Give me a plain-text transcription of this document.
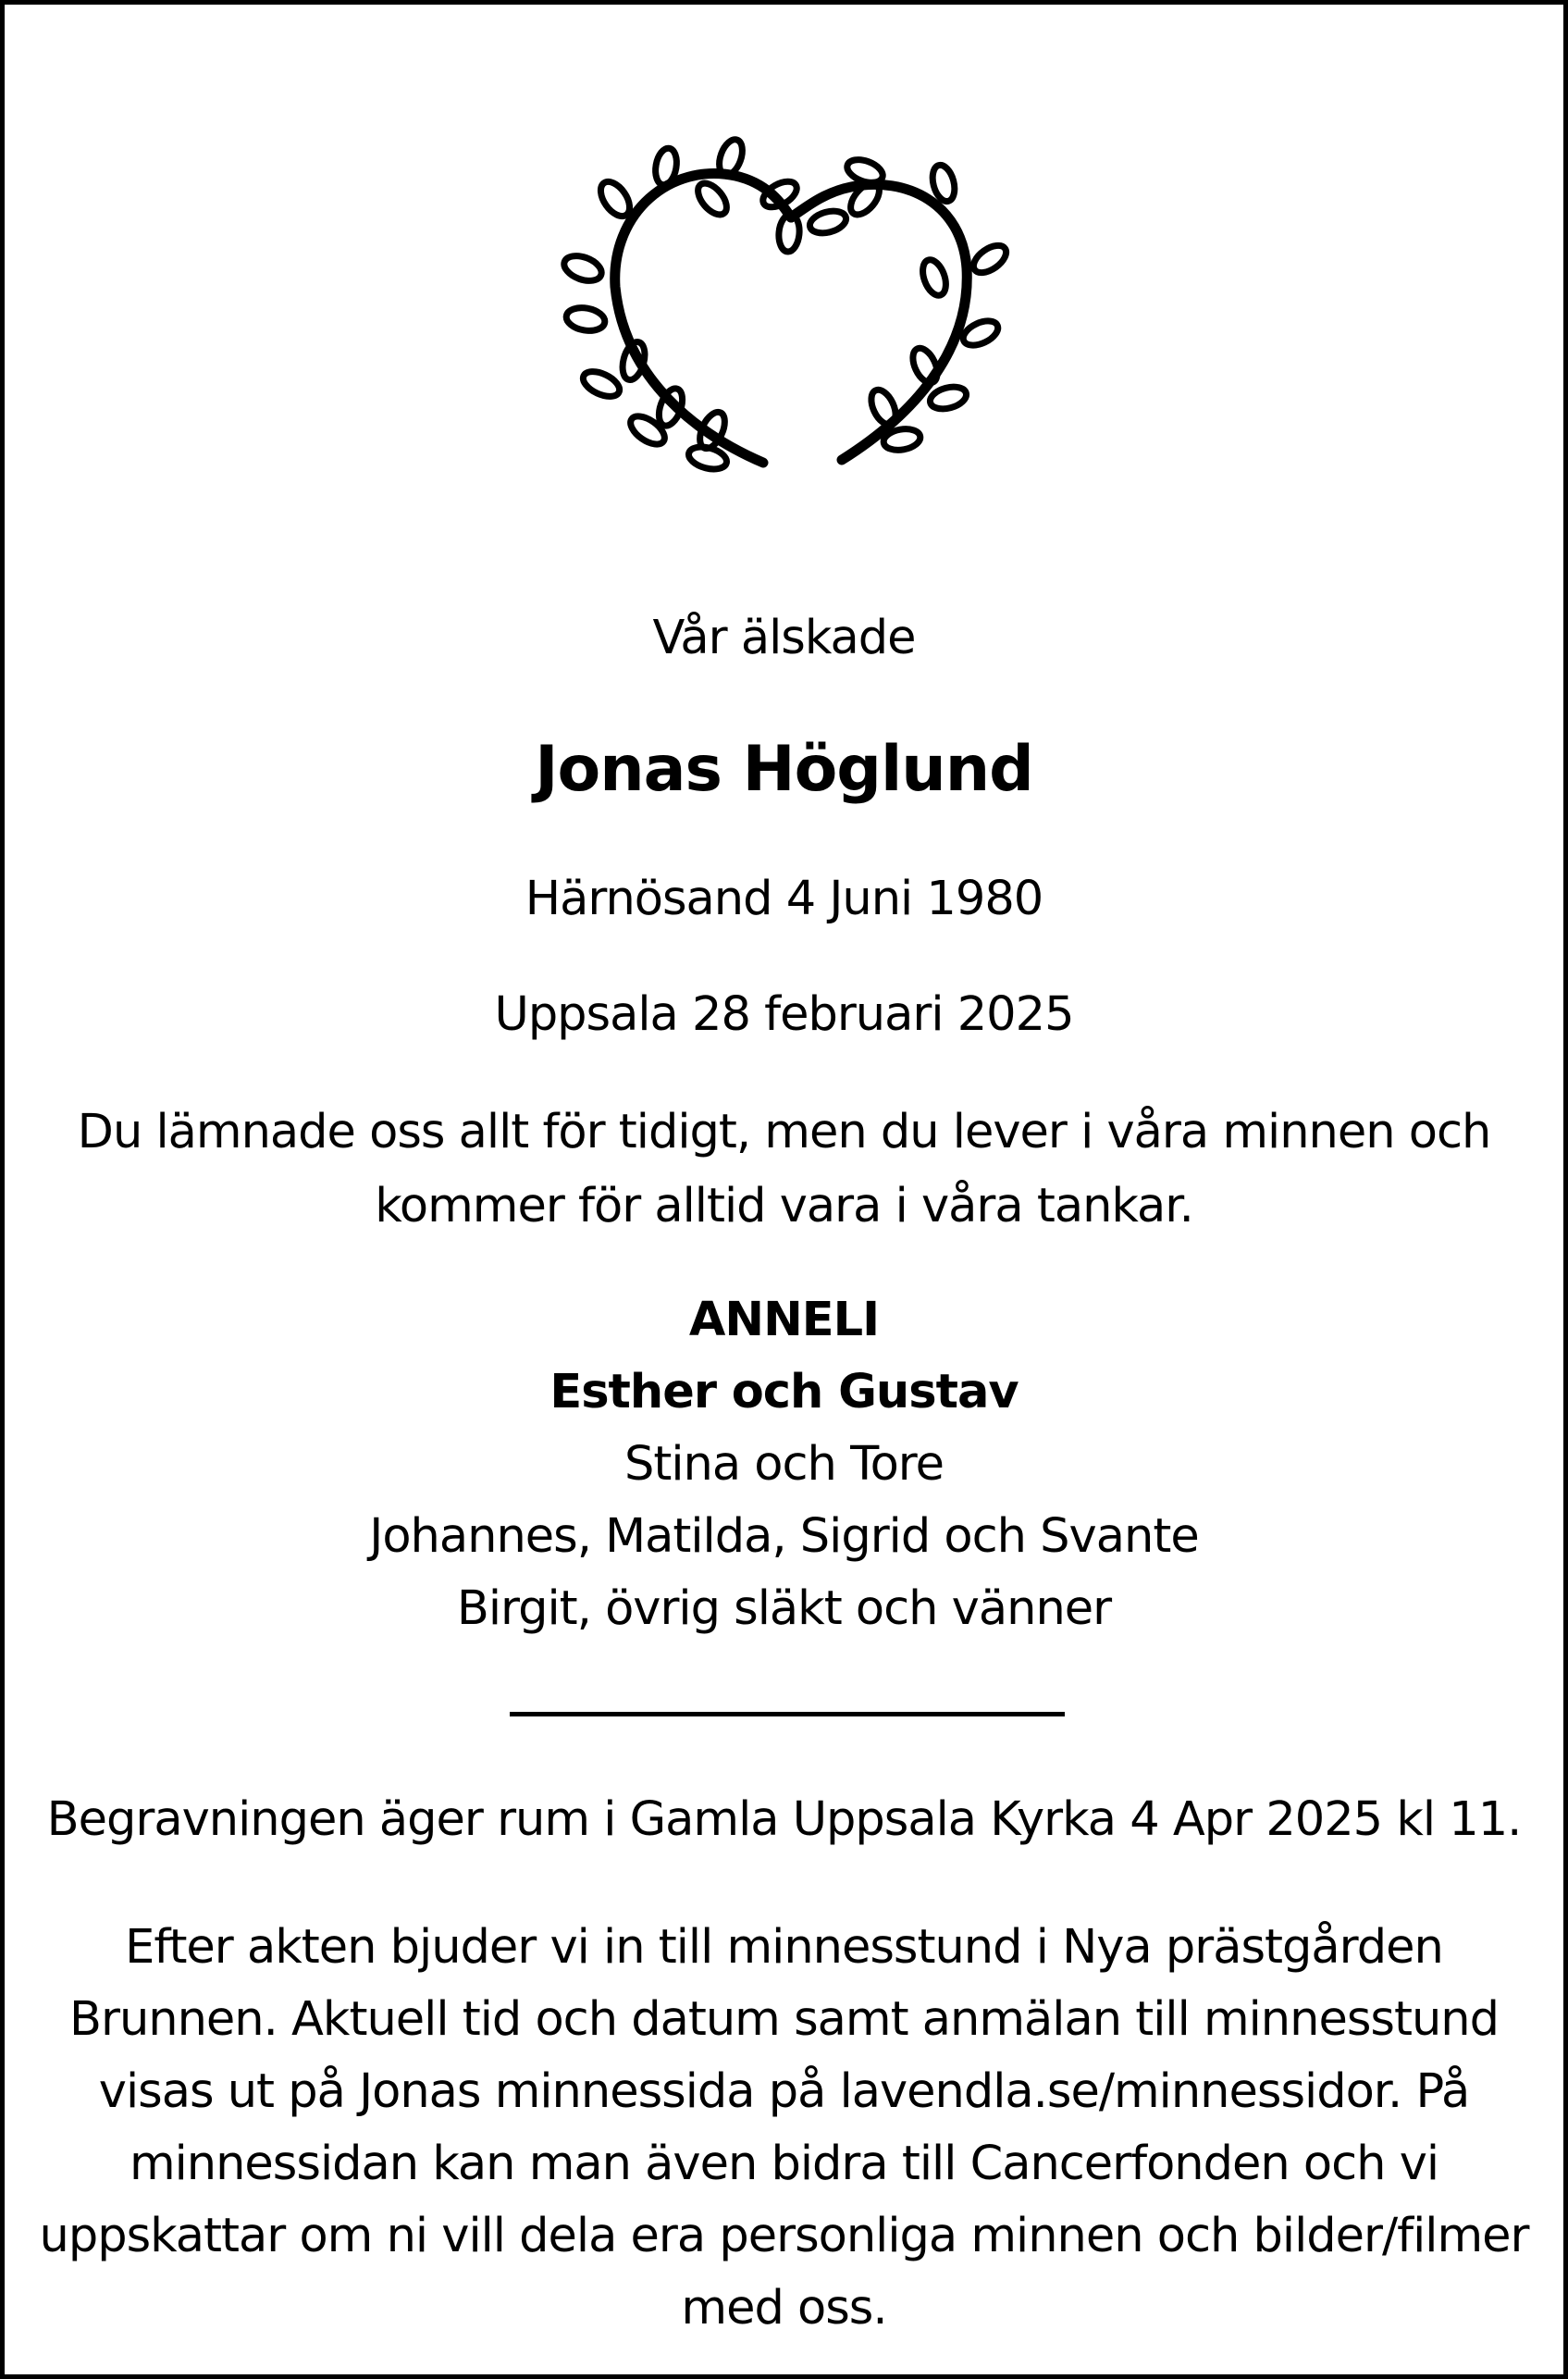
Vår älskade
Jonas Höglund
Härnösand 4 Juni 1980
Uppsala 28 februari 2025
Du lämnade oss allt för tidigt, men du lever i våra minnen och
kommer för alltid vara i våra tankar.
ANNELI
Esther och Gustav
Stina och Tore
Johannes, Matilda, Sigrid och Svante
Birgit, övrig släkt och vänner
Begravningen äger rum i Gamla Uppsala Kyrka 4 Apr 2025 kl 11.
Efter akten bjuder vi in till minnesstund i Nya prästgården
Brunnen. Aktuell tid och datum samt anmälan till minnesstund
visas ut på Jonas minnessida på lavendla.se/minnessidor. På
minnessidan kan man även bidra till Cancerfonden och vi
uppskattar om ni vill dela era personliga minnen och bilder/filmer
med oss.
